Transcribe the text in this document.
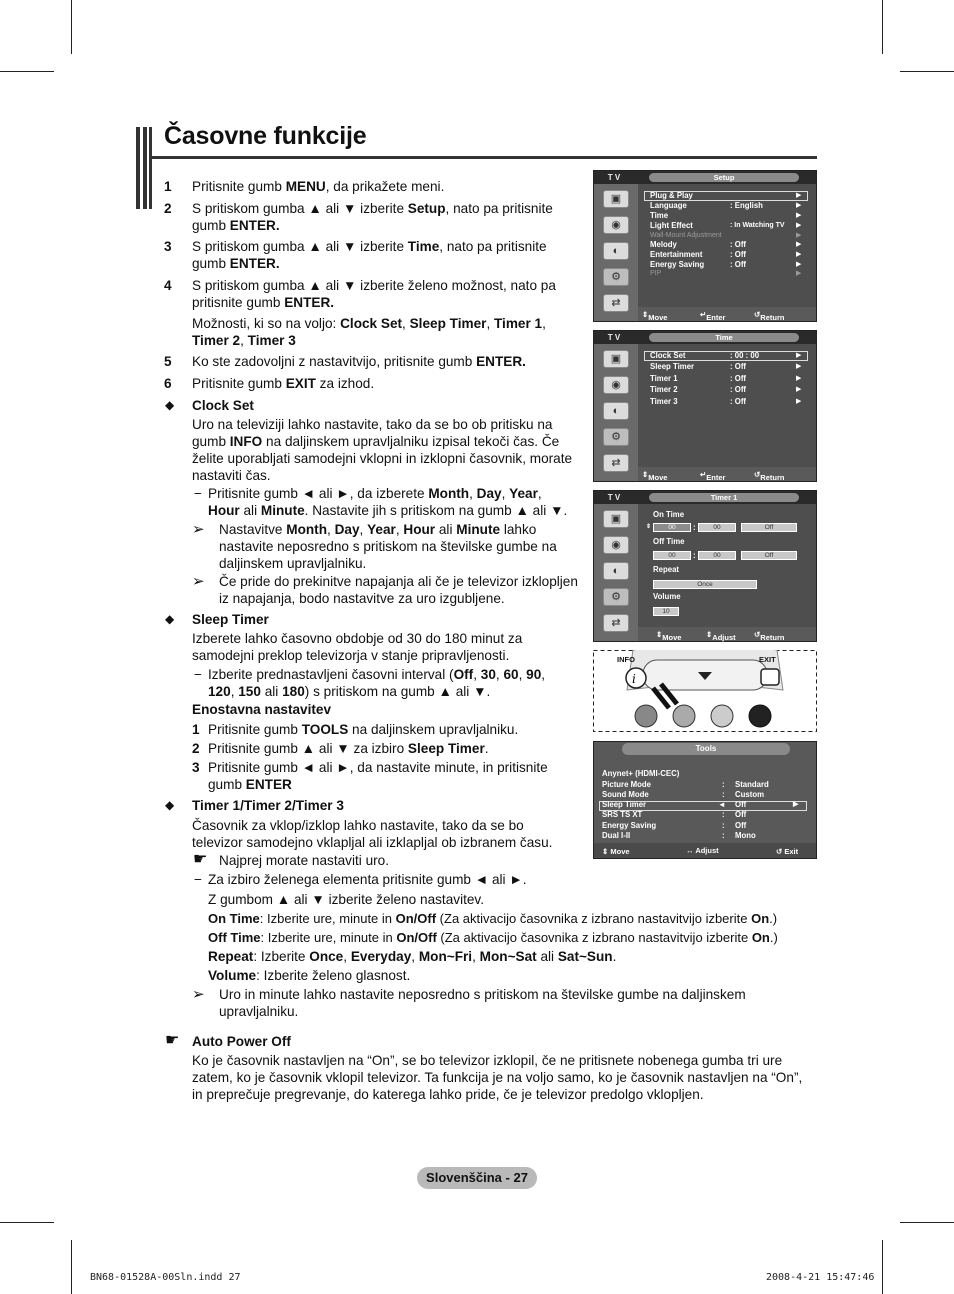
Časovne funkcije
1 Pritisnite gumb MENU, da prikažete meni.
2 S pritiskom gumba ▲ ali ▼ izberite Setup, nato pa pritisnite
gumb ENTER.
3 S pritiskom gumba ▲ ali ▼ izberite Time, nato pa pritisnite
gumb ENTER.
4 S pritiskom gumba ▲ ali ▼ izberite želeno možnost, nato pa
pritisnite gumb ENTER.
Možnosti, ki so na voljo: Clock Set, Sleep Timer, Timer 1,
Timer 2, Timer 3
5 Ko ste zadovoljni z nastavitvijo, pritisnite gumb ENTER.
6 Pritisnite gumb EXIT za izhod.
◆ Clock Set
Uro na televiziji lahko nastavite, tako da se bo ob pritisku na
gumb INFO na daljinskem upravljalniku izpisal tekoči čas. Če
želite uporabljati samodejni vklopni in izklopni časovnik, morate
nastaviti čas.
− Pritisnite gumb ◄ ali ►, da izberete Month, Day, Year,
Hour ali Minute. Nastavite jih s pritiskom na gumb ▲ ali ▼.
➢ Nastavitve Month, Day, Year, Hour ali Minute lahko
nastavite neposredno s pritiskom na številske gumbe na
daljinskem upravljalniku.
➢ Če pride do prekinitve napajanja ali če je televizor izklopljen
iz napajanja, bodo nastavitve za uro izgubljene.
◆ Sleep Timer
Izberete lahko časovno obdobje od 30 do 180 minut za
samodejni preklop televizorja v stanje pripravljenosti.
− Izberite prednastavljeni časovni interval (Off, 30, 60, 90,
120, 150 ali 180) s pritiskom na gumb ▲ ali ▼.
Enostavna nastavitev
1 Pritisnite gumb TOOLS na daljinskem upravljalniku.
2 Pritisnite gumb ▲ ali ▼ za izbiro Sleep Timer.
3 Pritisnite gumb ◄ ali ►, da nastavite minute, in pritisnite
gumb ENTER
◆ Timer 1/Timer 2/Timer 3
Časovnik za vklop/izklop lahko nastavite, tako da se bo
televizor samodejno vklapljal ali izklapljal ob izbranem času.
☛ Najprej morate nastaviti uro.
− Za izbiro želenega elementa pritisnite gumb ◄ ali ►.
Z gumbom ▲ ali ▼ izberite želeno nastavitev.
On Time: Izberite ure, minute in On/Off (Za aktivacijo časovnika z izbrano nastavitvijo izberite On.)
Off Time: Izberite ure, minute in On/Off (Za aktivacijo časovnika z izbrano nastavitvijo izberite On.)
Repeat: Izberite Once, Everyday, Mon~Fri, Mon~Sat ali Sat~Sun.
Volume: Izberite želeno glasnost.
➢ Uro in minute lahko nastavite neposredno s pritiskom na številske gumbe na daljinskem
upravljalniku.
☛ Auto Power Off
Ko je časovnik nastavljen na “On”, se bo televizor izklopil, če ne pritisnete nobenega gumba tri ure
zatem, ko je časovnik vklopil televizor. Ta funkcija je na voljo samo, ko je časovnik nastavljen na “On”,
in preprečuje pregrevanje, do katerega lahko pride, če je televizor predolgo vklopljen.
T V	Setup
▣
◉
◐
⚙
⇄
Plug & Play	▶
Language	: English	▶
Time	▶
Light Effect	: In Watching TV ▶
Wall-Mount Adjustment	▶
Melody	: Off	▶
Entertainment	: Off	▶
Energy Saving	: Off	▶
PIP	▶
⇕ Move	↵ Enter	↺ Return
T V	Time
▣
◉
◐
⚙
⇄
Clock Set	: 00 : 00	▶
Sleep Timer	: Off	▶
Timer 1	: Off	▶
Timer 2	: Off	▶
Timer 3	: Off	▶
⇕ Move	↵ Enter	↺ Return
T V	Timer 1
▣
◉
◐
⚙
⇄
On Time
⇕	00	:	00	Off
Off Time
00	:	00	Off
Repeat
Once
Volume
10
⇕ Move	⇕ Adjust ↺ Return
i
INFO	EXIT
Tools
Anynet+ (HDMI-CEC)
Picture Mode	: Standard
Sound Mode	: Custom
Sleep Timer	◄ Off	▶
SRS TS XT	: Off
Energy Saving	: Off
Dual I-II	: Mono
⇕ Move	↔ Adjust	↺ Exit
Slovenščina - 27
BN68-01528A-00Sln.indd 27	2008-4-21 15:47:46
